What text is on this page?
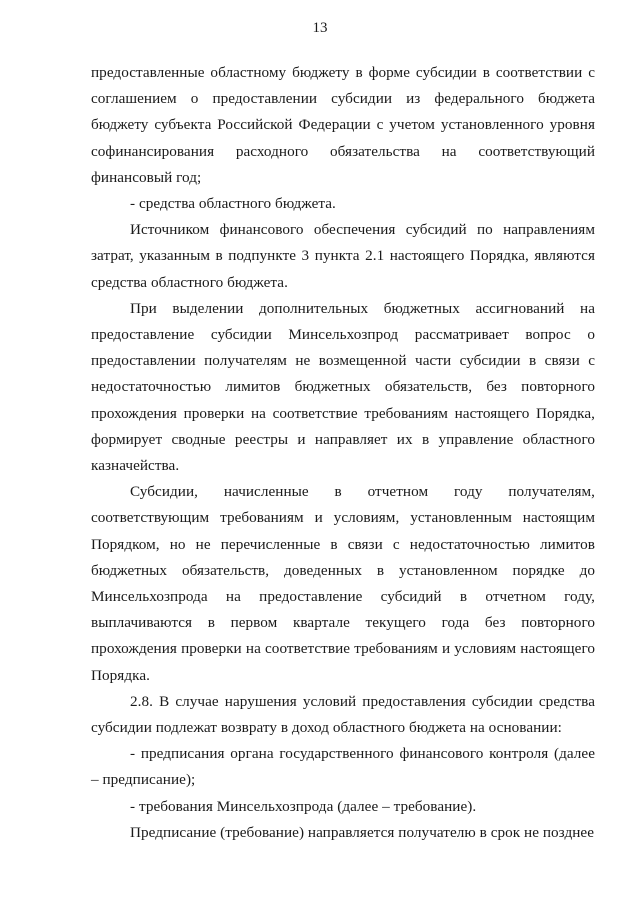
13

предоставленные областному бюджету в форме субсидии в соответствии с соглашением о предоставлении субсидии из федерального бюджета бюджету субъекта Российской Федерации с учетом установленного уровня софинансирования расходного обязательства на соответствующий финансовый год;

- средства областного бюджета.

Источником финансового обеспечения субсидий по направлениям затрат, указанным в подпункте 3 пункта 2.1 настоящего Порядка, являются средства областного бюджета.

При выделении дополнительных бюджетных ассигнований на предоставление субсидии Минсельхозпрод рассматривает вопрос о предоставлении получателям не возмещенной части субсидии в связи с недостаточностью лимитов бюджетных обязательств, без повторного прохождения проверки на соответствие требованиям настоящего Порядка, формирует сводные реестры и направляет их в управление областного казначейства.

Субсидии, начисленные в отчетном году получателям, соответствующим требованиям и условиям, установленным настоящим Порядком, но не перечисленные в связи с недостаточностью лимитов бюджетных обязательств, доведенных в установленном порядке до Минсельхозпрода на предоставление субсидий в отчетном году, выплачиваются в первом квартале текущего года без повторного прохождения проверки на соответствие требованиям и условиям настоящего Порядка.

2.8. В случае нарушения условий предоставления субсидии средства субсидии подлежат возврату в доход областного бюджета на основании:

- предписания органа государственного финансового контроля (далее – предписание);

- требования Минсельхозпрода (далее – требование).

Предписание (требование) направляется получателю в срок не позднее
